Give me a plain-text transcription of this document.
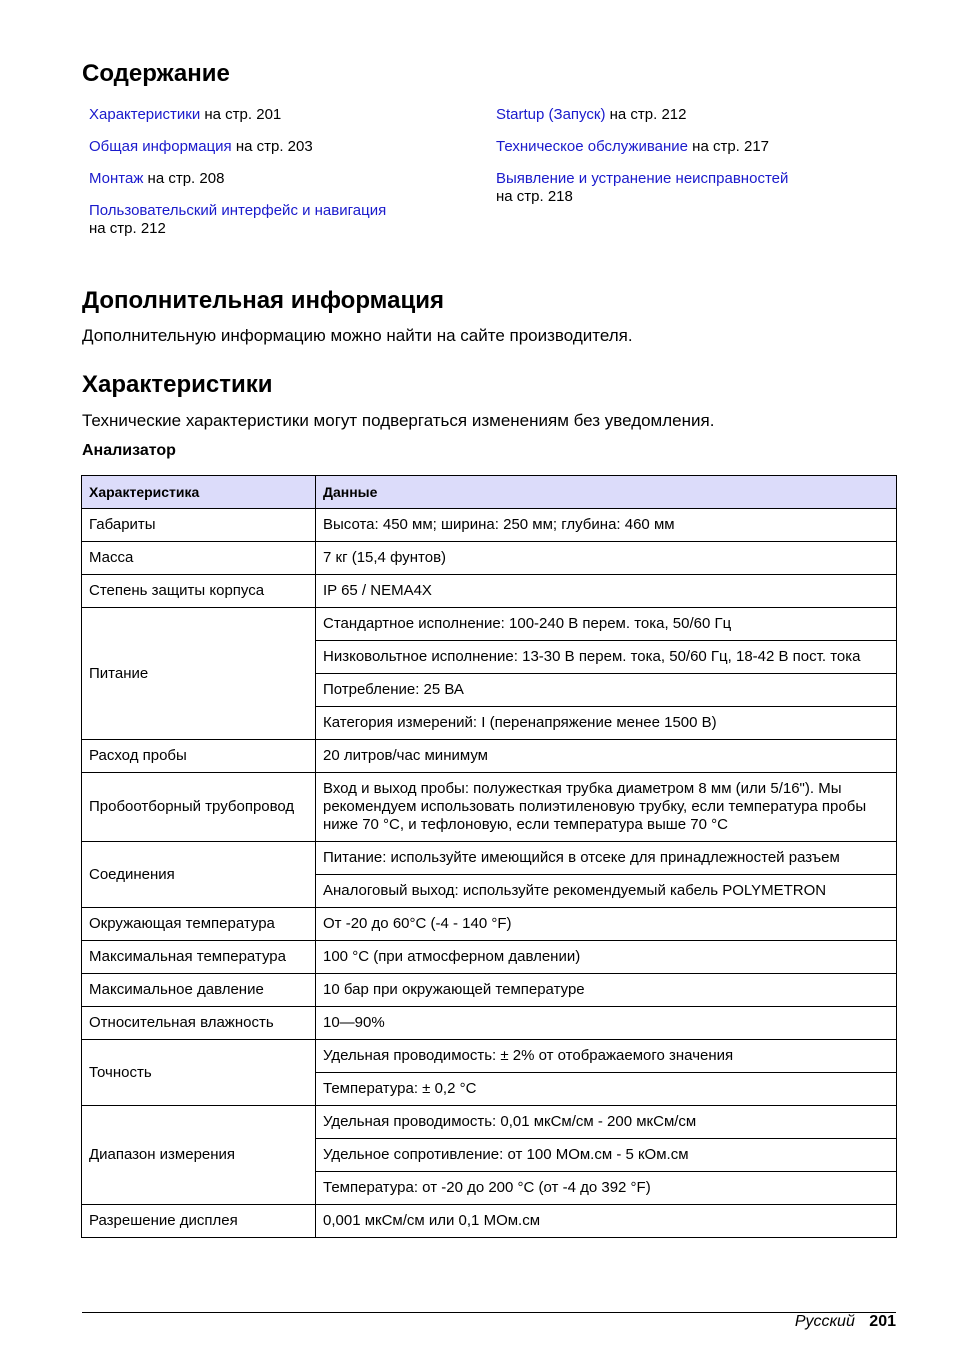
Содержание
Характеристики на стр. 201
Общая информация на стр. 203
Монтаж на стр. 208
Пользовательский интерфейс и навигация
на стр. 212
Startup (Запуск) на стр. 212
Техническое обслуживание на стр. 217
Выявление и устранение неисправностей
на стр. 218
Дополнительная информация

Дополнительную информацию можно найти на сайте производителя.

Характеристики

Технические характеристики могут подвергаться изменениям без уведомления.

Анализатор

Характеристика	Данные
Габариты	Высота: 450 мм; ширина: 250 мм; глубина: 460 мм
Масса	7 кг (15,4 фунтов)
Степень защиты корпуса	IP 65 / NEMA4X
Питание	Стандартное исполнение: 100-240 В перем. тока, 50/60 Гц
	Низковольтное исполнение: 13-30 В перем. тока, 50/60 Гц, 18-42 В пост. тока
	Потребление: 25 ВА
	Категория измерений: I (перенапряжение менее 1500 В)
Расход пробы	20 литров/час минимум
Пробоотборный трубопровод	Вход и выход пробы: полужесткая трубка диаметром 8 мм (или 5/16"). Мы рекомендуем использовать полиэтиленовую трубку, если температура пробы ниже 70 °C, и тефлоновую, если температура выше 70 °C
Соединения	Питание: используйте имеющийся в отсеке для принадлежностей разъем
	Аналоговый выход: используйте рекомендуемый кабель POLYMETRON
Окружающая температура	От -20 до 60°C (-4 - 140 °F)
Максимальная температура	100 °C (при атмосферном давлении)
Максимальное давление	10 бар при окружающей температуре
Относительная влажность	10—90%
Точность	Удельная проводимость: ± 2% от отображаемого значения
	Температура: ± 0,2 °C
Диапазон измерения	Удельная проводимость: 0,01 мкСм/см - 200 мкСм/см
	Удельное сопротивление: от 100 МОм.см - 5 кОм.см
	Температура: от -20 до 200 °C (от -4 до 392 °F)
Разрешение дисплея	0,001 мкСм/см или 0,1 МОм.см
Русский 201
